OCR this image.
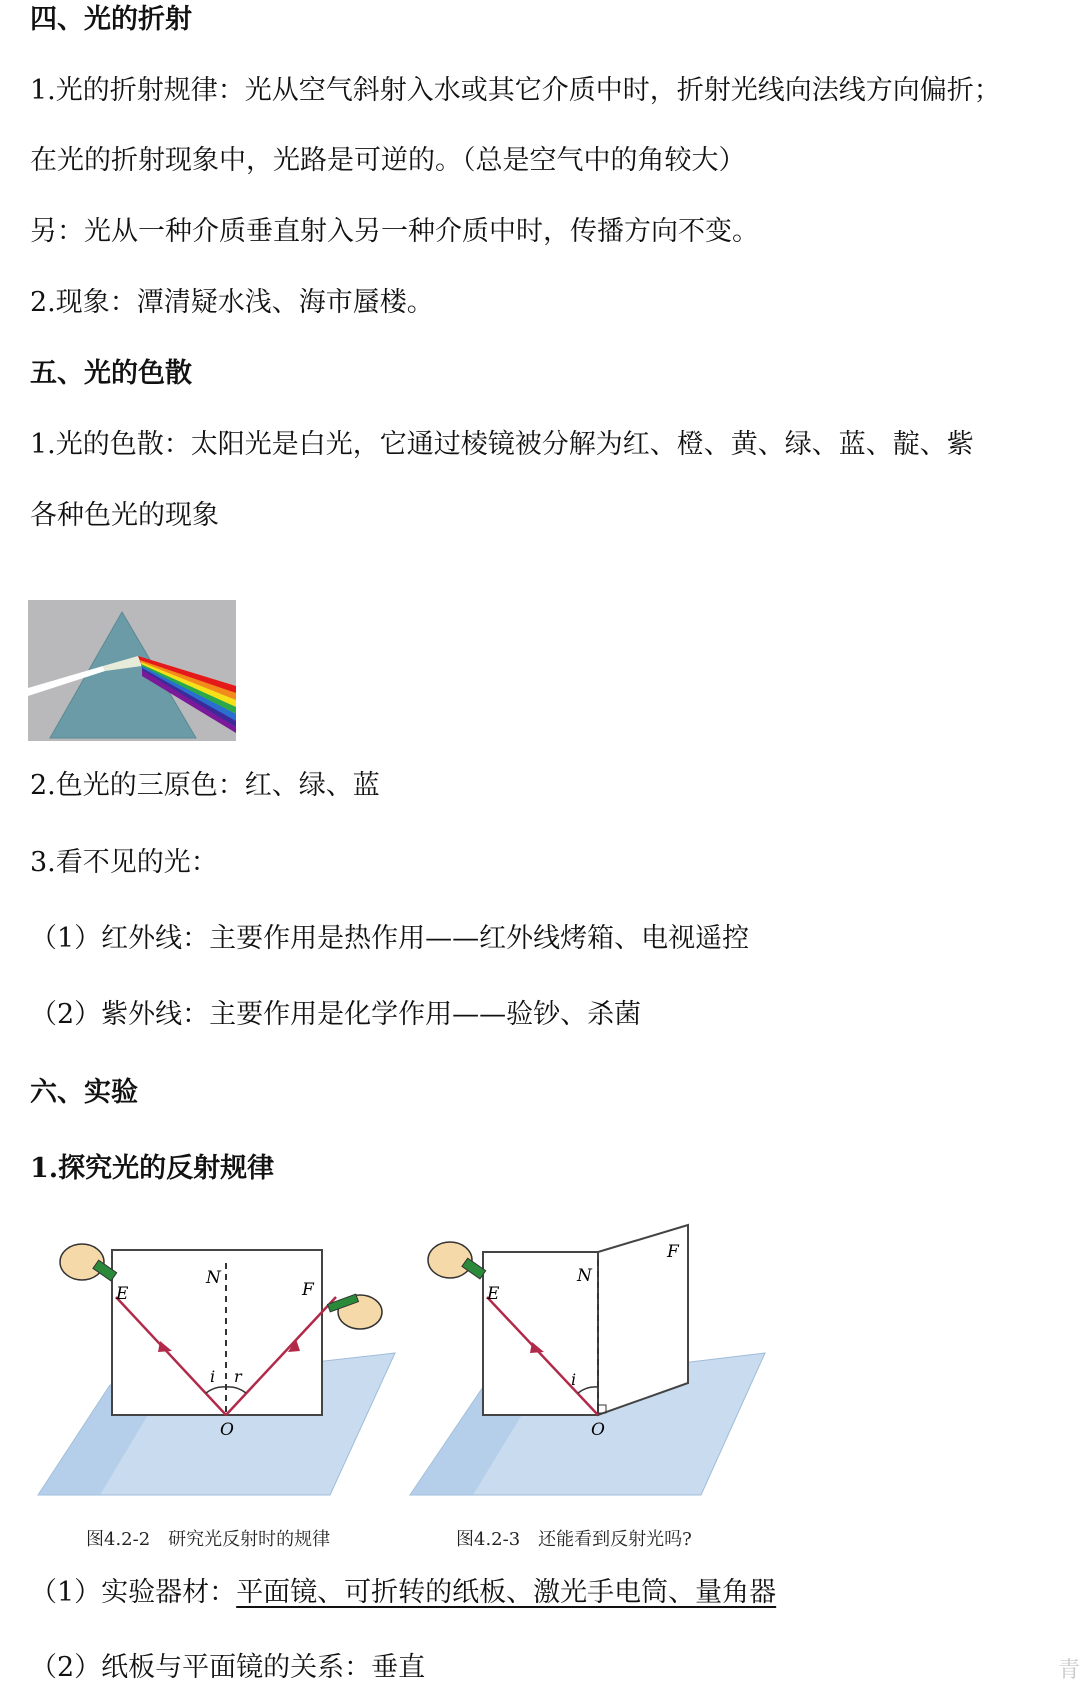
四、光的折射
1.光的折射规律：光从空气斜射入水或其它介质中时，折射光线向法线方向偏折；
在光的折射现象中，光路是可逆的。（总是空气中的角较大）
另：光从一种介质垂直射入另一种介质中时，传播方向不变。
2.现象：潭清疑水浅、海市蜃楼。
五、光的色散
1.光的色散：太阳光是白光，它通过棱镜被分解为红、橙、黄、绿、蓝、靛、紫
各种色光的现象
2.色光的三原色：红、绿、蓝
3.看不见的光：
（1）红外线：主要作用是热作用——红外线烤箱、电视遥控
（2）紫外线：主要作用是化学作用——验钞、杀菌
六、实验
1.探究光的反射规律
E
N
F
i r
O
图4.2-2　研究光反射时的规律
E
N
F
i
O
图4.2-3　还能看到反射光吗?
（1）实验器材：平面镜、可折转的纸板、激光手电筒、量角器
（2）纸板与平面镜的关系：垂直	青
